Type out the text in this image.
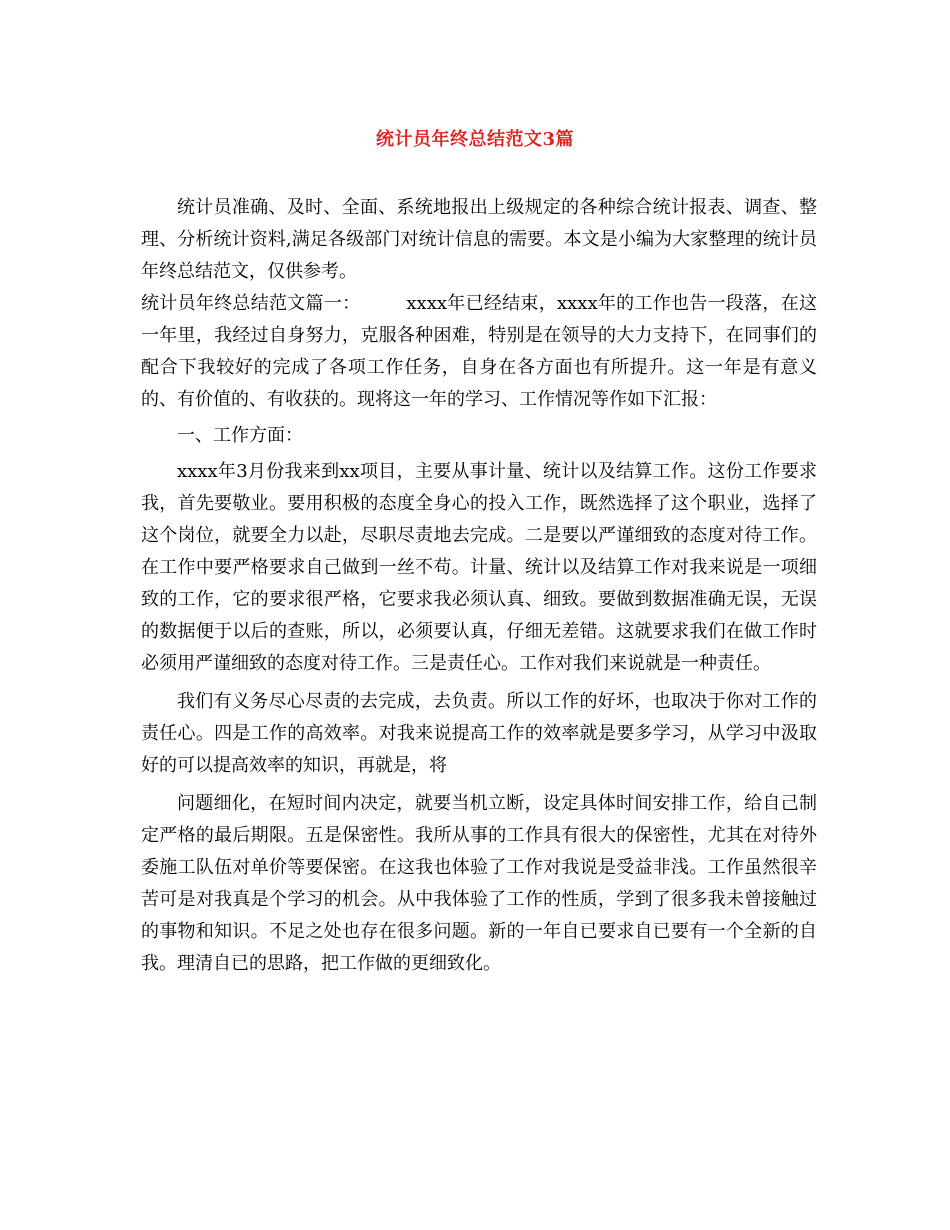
统计员年终总结范文3篇

统计员准确、及时、全面、系统地报出上级规定的各种综合统计报表、调查、整理、分析统计资料,满足各级部门对统计信息的需要。本文是小编为大家整理的统计员年终总结范文，仅供参考。

统计员年终总结范文篇一：	xxxx年已经结束，xxxx年的工作也告一段落，在这一年里，我经过自身努力，克服各种困难，特别是在领导的大力支持下，在同事们的配合下我较好的完成了各项工作任务，自身在各方面也有所提升。这一年是有意义的、有价值的、有收获的。现将这一年的学习、工作情况等作如下汇报：

一、工作方面：

xxxx年3月份我来到xx项目，主要从事计量、统计以及结算工作。这份工作要求我，首先要敬业。要用积极的态度全身心的投入工作，既然选择了这个职业，选择了这个岗位，就要全力以赴，尽职尽责地去完成。二是要以严谨细致的态度对待工作。在工作中要严格要求自己做到一丝不苟。计量、统计以及结算工作对我来说是一项细致的工作，它的要求很严格，它要求我必须认真、细致。要做到数据准确无误，无误的数据便于以后的查账，所以，必须要认真，仔细无差错。这就要求我们在做工作时必须用严谨细致的态度对待工作。三是责任心。工作对我们来说就是一种责任。

我们有义务尽心尽责的去完成，去负责。所以工作的好坏，也取决于你对工作的责任心。四是工作的高效率。对我来说提高工作的效率就是要多学习，从学习中汲取好的可以提高效率的知识，再就是，将

问题细化，在短时间内决定，就要当机立断，设定具体时间安排工作，给自己制定严格的最后期限。五是保密性。我所从事的工作具有很大的保密性，尤其在对待外委施工队伍对单价等要保密。在这我也体验了工作对我说是受益非浅。工作虽然很辛苦可是对我真是个学习的机会。从中我体验了工作的性质，学到了很多我未曾接触过的事物和知识。不足之处也存在很多问题。新的一年自已要求自已要有一个全新的自我。理清自已的思路，把工作做的更细致化。
